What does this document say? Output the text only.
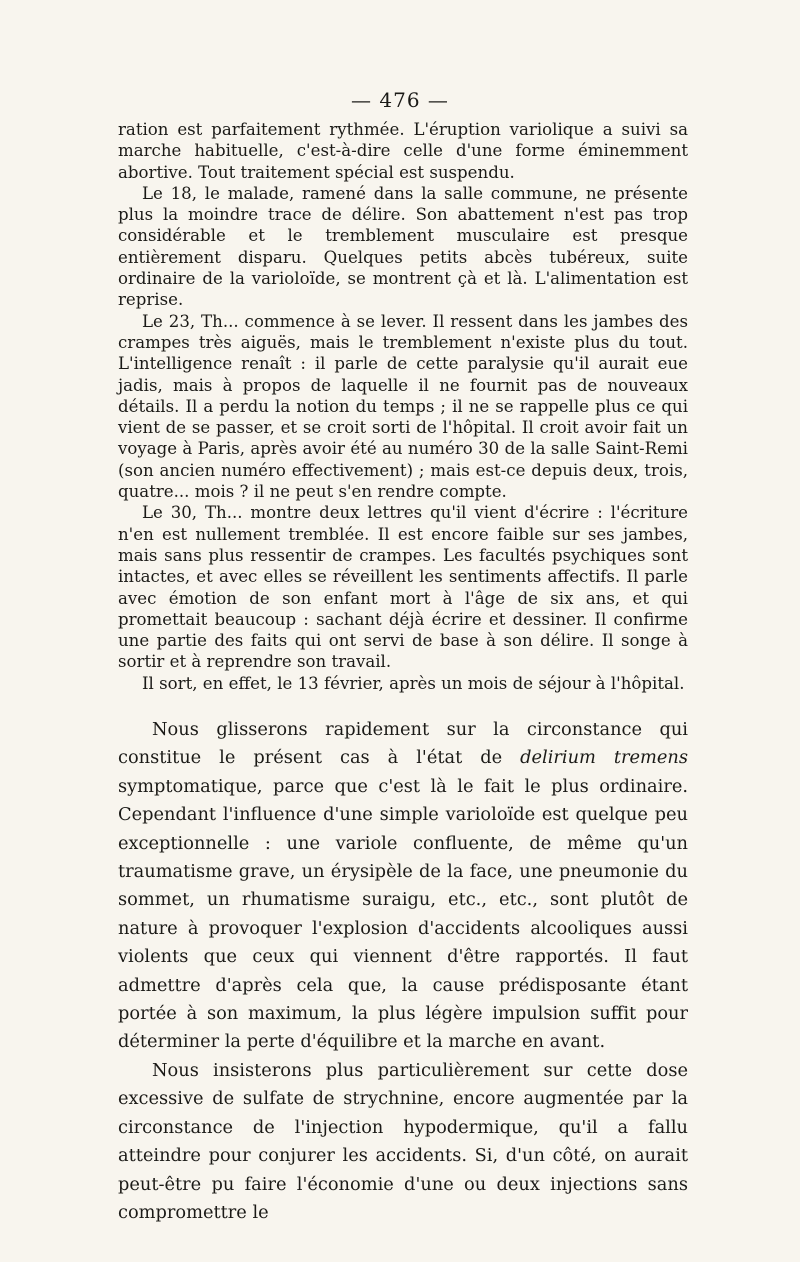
— 476 —

ration est parfaitement rythmée. L'éruption variolique a suivi sa marche habituelle, c'est-à-dire celle d'une forme éminemment abortive. Tout traitement spécial est suspendu.

Le 18, le malade, ramené dans la salle commune, ne présente plus la moindre trace de délire. Son abattement n'est pas trop considérable et le tremblement musculaire est presque entièrement disparu. Quelques petits abcès tubéreux, suite ordinaire de la varioloïde, se montrent çà et là. L'alimentation est reprise.

Le 23, Th... commence à se lever. Il ressent dans les jambes des crampes très aiguës, mais le tremblement n'existe plus du tout. L'intelligence renaît : il parle de cette paralysie qu'il aurait eue jadis, mais à propos de laquelle il ne fournit pas de nouveaux détails. Il a perdu la notion du temps ; il ne se rappelle plus ce qui vient de se passer, et se croit sorti de l'hôpital. Il croit avoir fait un voyage à Paris, après avoir été au numéro 30 de la salle Saint-Remi (son ancien numéro effectivement) ; mais est-ce depuis deux, trois, quatre... mois ? il ne peut s'en rendre compte.

Le 30, Th... montre deux lettres qu'il vient d'écrire : l'écriture n'en est nullement tremblée. Il est encore faible sur ses jambes, mais sans plus ressentir de crampes. Les facultés psychiques sont intactes, et avec elles se réveillent les sentiments affectifs. Il parle avec émotion de son enfant mort à l'âge de six ans, et qui promettait beaucoup : sachant déjà écrire et dessiner. Il confirme une partie des faits qui ont servi de base à son délire. Il songe à sortir et à reprendre son travail.

Il sort, en effet, le 13 février, après un mois de séjour à l'hôpital.

Nous glisserons rapidement sur la circonstance qui constitue le présent cas à l'état de delirium tremens symptomatique, parce que c'est là le fait le plus ordinaire. Cependant l'influence d'une simple varioloïde est quelque peu exceptionnelle : une variole confluente, de même qu'un traumatisme grave, un érysipèle de la face, une pneumonie du sommet, un rhumatisme suraigu, etc., etc., sont plutôt de nature à provoquer l'explosion d'accidents alcooliques aussi violents que ceux qui viennent d'être rapportés. Il faut admettre d'après cela que, la cause prédisposante étant portée à son maximum, la plus légère impulsion suffit pour déterminer la perte d'équilibre et la marche en avant.

Nous insisterons plus particulièrement sur cette dose excessive de sulfate de strychnine, encore augmentée par la circonstance de l'injection hypodermique, qu'il a fallu atteindre pour conjurer les accidents. Si, d'un côté, on aurait peut-être pu faire l'économie d'une ou deux injections sans compromettre le
